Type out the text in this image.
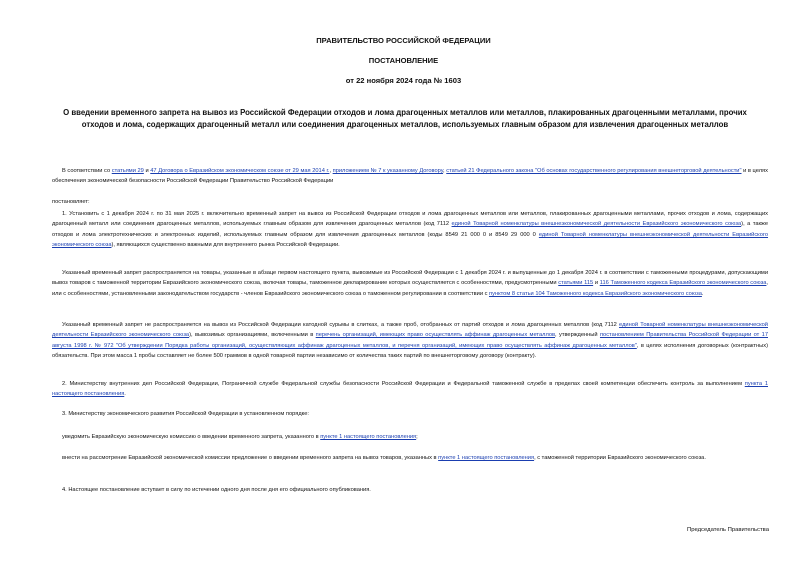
ПРАВИТЕЛЬСТВО РОССИЙСКОЙ ФЕДЕРАЦИИ
ПОСТАНОВЛЕНИЕ
от 22 ноября 2024 года № 1603
О введении временного запрета на вывоз из Российской Федерации отходов и лома драгоценных металлов или металлов, плакированных драгоценными металлами, прочих отходов и лома, содержащих драгоценный металл или соединения драгоценных металлов, используемых главным образом для извлечения драгоценных металлов
В соответствии со статьями 29 и 47 Договора о Евразийском экономическом союзе от 29 мая 2014 г., приложением № 7 к указанному Договору, статьей 21 Федерального закона "Об основах государственного регулирования внешнеторговой деятельности" и в целях обеспечения экономической безопасности Российской Федерации Правительство Российской Федерации
постановляет:
1. Установить с 1 декабря 2024 г. по 31 мая 2025 г. включительно временный запрет на вывоз из Российской Федерации отходов и лома драгоценных металлов или металлов, плакированных драгоценными металлами, прочих отходов и лома, содержащих драгоценный металл или соединения драгоценных металлов, используемых главным образом для извлечения драгоценных металлов (код 7112 единой Товарной номенклатуры внешнеэкономической деятельности Евразийского экономического союза), а также отходов и лома электротехнических и электронных изделий, используемых главным образом для извлечения драгоценных металлов (коды 8549 21 000 0 и 8549 29 000 0 единой Товарной номенклатуры внешнеэкономической деятельности Евразийского экономического союза), являющихся существенно важными для внутреннего рынка Российской Федерации.
Указанный временный запрет распространяется на товары, указанные в абзаце первом настоящего пункта, вывозимые из Российской Федерации с 1 декабря 2024 г. и выпущенные до 1 декабря 2024 г. в соответствии с таможенными процедурами, допускающими вывоз товаров с таможенной территории Евразийского экономического союза, включая товары, таможенное декларирование которых осуществляется с особенностями, предусмотренными статьями 115 и 116 Таможенного кодекса Евразийского экономического союза, или с особенностями, установленными законодательством государств - членов Евразийского экономического союза о таможенном регулировании в соответствии с пунктом 8 статьи 104 Таможенного кодекса Евразийского экономического союза.
Указанный временный запрет не распространяется на вывоз из Российской Федерации катодной сурьмы в слитках, а также проб, отобранных от партий отходов и лома драгоценных металлов (код 7112 единой Товарной номенклатуры внешнеэкономической деятельности Евразийского экономического союза), вывозимых организациями, включенными в перечень организаций, имеющих право осуществлять аффинаж драгоценных металлов, утвержденный постановлением Правительства Российской Федерации от 17 августа 1998 г. № 972 "Об утверждении Порядка работы организаций, осуществляющих аффинаж драгоценных металлов, и перечня организаций, имеющих право осуществлять аффинаж драгоценных металлов", в целях исполнения договорных (контрактных) обязательств. При этом масса 1 пробы составляет не более 500 граммов в одной товарной партии независимо от количества таких партий по внешнеторговому договору (контракту).
2. Министерству внутренних дел Российской Федерации, Пограничной службе Федеральной службы безопасности Российской Федерации и Федеральной таможенной службе в пределах своей компетенции обеспечить контроль за выполнением пункта 1 настоящего постановления.
3. Министерству экономического развития Российской Федерации в установленном порядке:
уведомить Евразийскую экономическую комиссию о введении временного запрета, указанного в пункте 1 настоящего постановления;
внести на рассмотрение Евразийской экономической комиссии предложение о введении временного запрета на вывоз товаров, указанных в пункте 1 настоящего постановления, с таможенной территории Евразийского экономического союза.
4. Настоящее постановление вступает в силу по истечении одного дня после дня его официального опубликования.
Председатель Правительства
